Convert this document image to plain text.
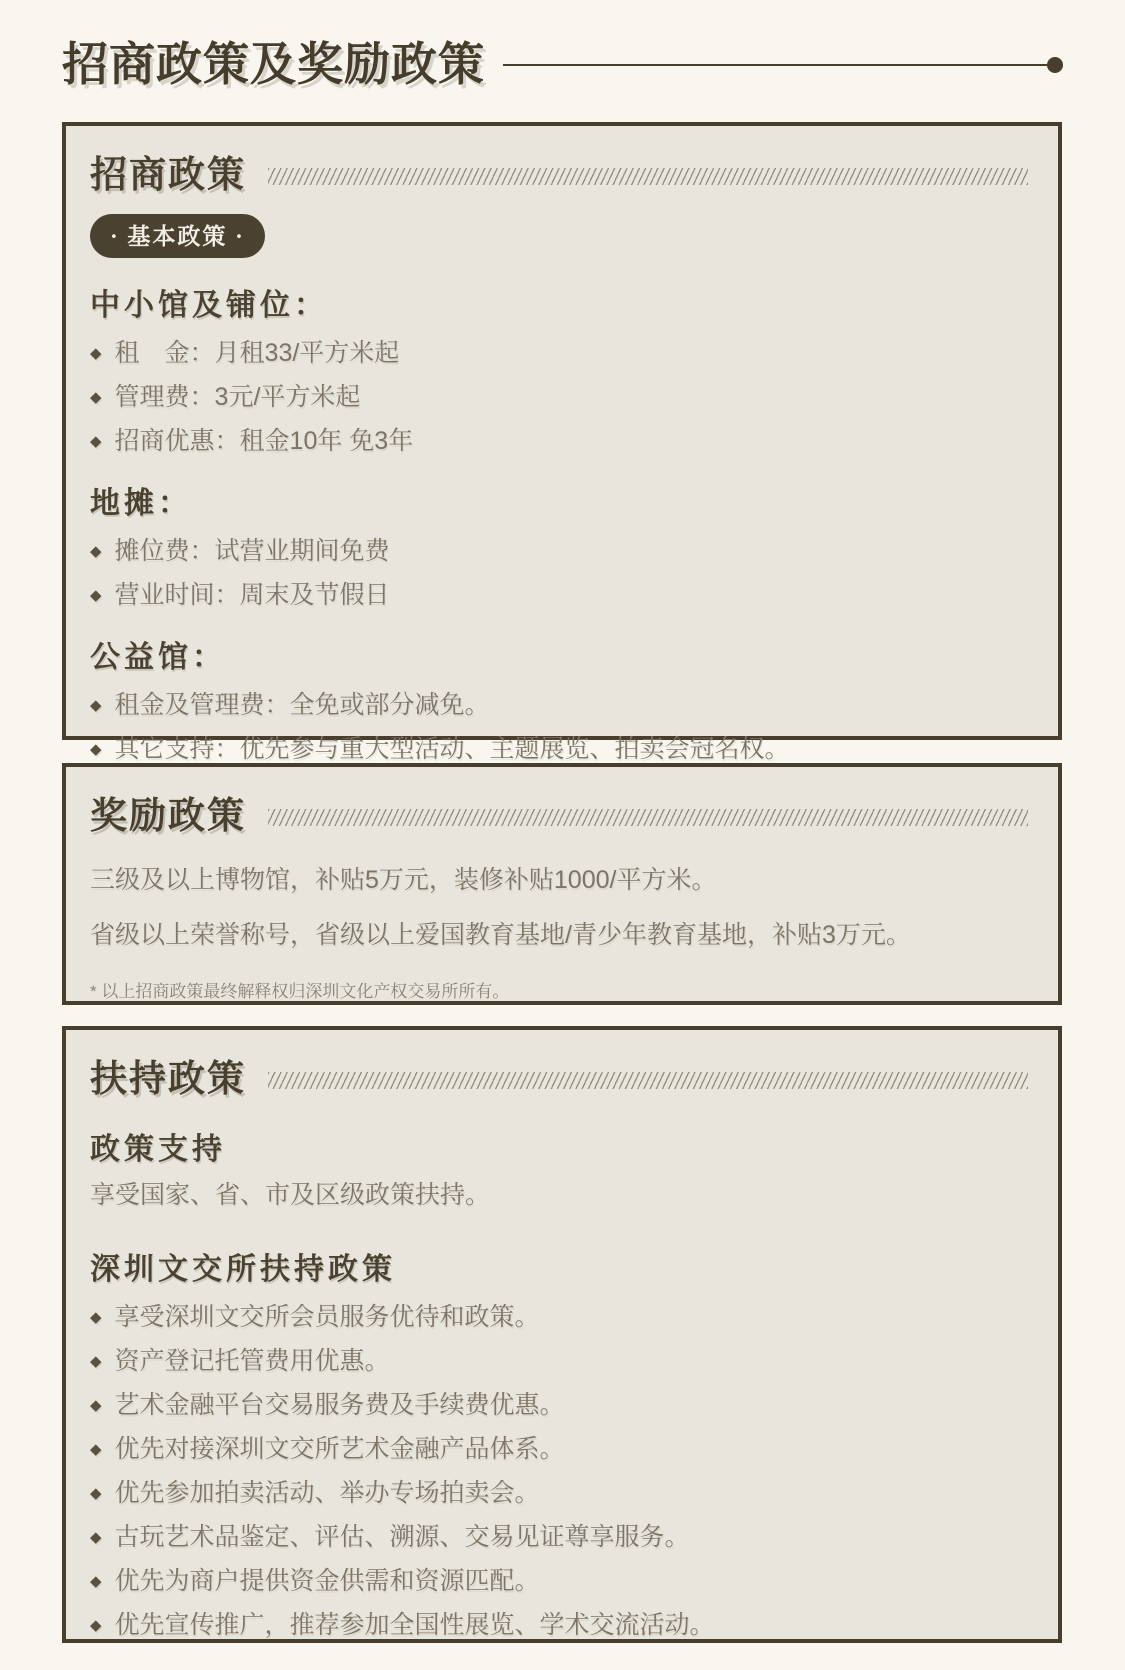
招商政策及奖励政策
招商政策
· 基本政策 ·
中小馆及铺位：
◆ 租　金：月租33/平方米起
◆ 管理费：3元/平方米起
◆ 招商优惠：租金10年 免3年
地摊：
◆ 摊位费：试营业期间免费
◆ 营业时间：周末及节假日
公益馆：
◆ 租金及管理费：全免或部分减免。
◆ 其它支持：优先参与重大型活动、主题展览、拍卖会冠名权。
奖励政策

三级及以上博物馆，补贴5万元，装修补贴1000/平方米。

省级以上荣誉称号，省级以上爱国教育基地/青少年教育基地，补贴3万元。

* 以上招商政策最终解释权归深圳文化产权交易所所有。

扶持政策
政策支持

享受国家、省、市及区级政策扶持。

深圳文交所扶持政策
◆ 享受深圳文交所会员服务优待和政策。
◆ 资产登记托管费用优惠。
◆ 艺术金融平台交易服务费及手续费优惠。
◆ 优先对接深圳文交所艺术金融产品体系。
◆ 优先参加拍卖活动、举办专场拍卖会。
◆ 古玩艺术品鉴定、评估、溯源、交易见证尊享服务。
◆ 优先为商户提供资金供需和资源匹配。
◆ 优先宣传推广，推荐参加全国性展览、学术交流活动。
